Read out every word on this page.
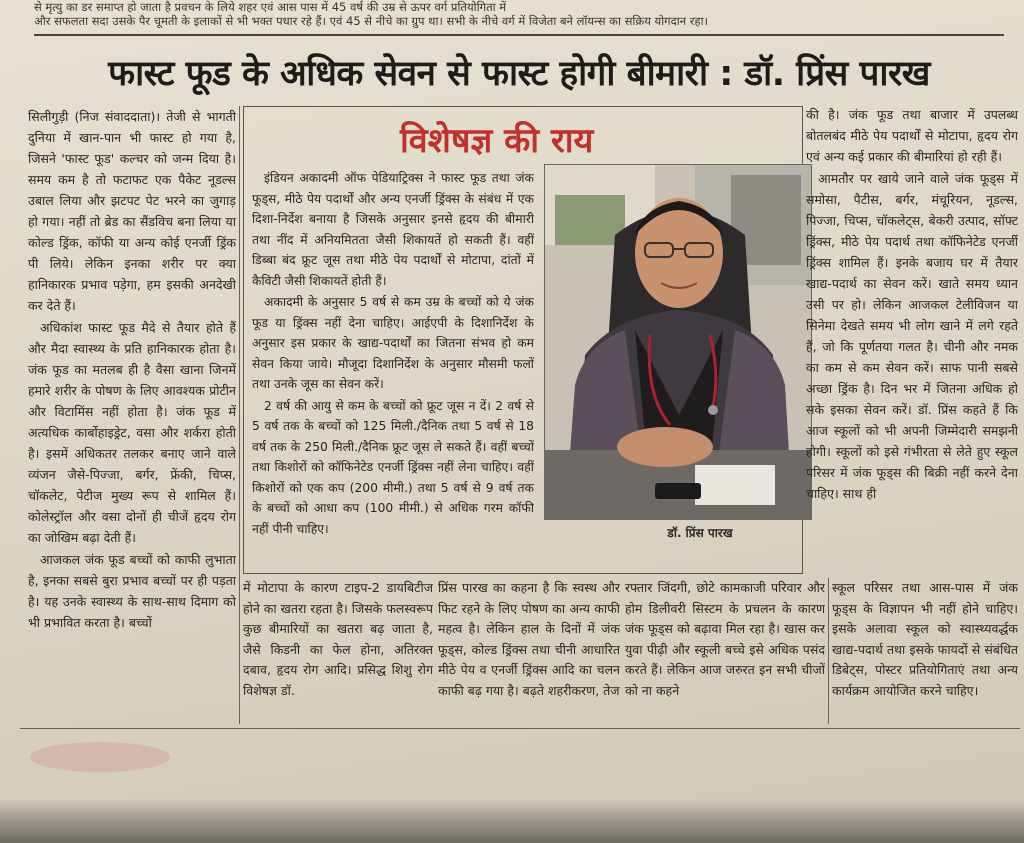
से मृत्यु का डर समाप्त हो जाता है प्रवचन के लिये शहर एवं आस पास में 45 वर्ष की उम्र से ऊपर वर्ग प्रतियोगिता में
और सफलता सदा उसके पैर चूमती के इलाकों से भी भक्त पधार रहे हैं। एवं 45 से नीचे का ग्रुप था। सभी के नीचे वर्ग में विजेता बने लॉयन्स का सक्रिय योगदान रहा।
फास्ट फूड के अधिक सेवन से फास्ट होगी बीमारी : डॉ. प्रिंस पारख

सिलीगुड़ी (निज संवाददाता)। तेजी से भागती दुनिया में खान-पान भी फास्ट हो गया है, जिसने 'फास्ट फूड' कल्चर को जन्म दिया है। समय कम है तो फटाफट एक पैकेट नूडल्स उबाल लिया और झटपट पेट भरने का जुगाड़ हो गया। नहीं तो ब्रेड का सैंडविच बना लिया या कोल्ड ड्रिंक, कॉफी या अन्य कोई एनर्जी ड्रिंक पी लिये। लेकिन इनका शरीर पर क्या हानिकारक प्रभाव पड़ेगा, हम इसकी अनदेखी कर देते हैं।

अधिकांश फास्ट फूड मैदे से तैयार होते हैं और मैदा स्वास्थ्य के प्रति हानिकारक होता है। जंक फूड का मतलब ही है वैसा खाना जिनमें हमारे शरीर के पोषण के लिए आवश्यक प्रोटीन और विटामिंस नहीं होता है। जंक फूड में अत्यधिक कार्बोहाइड्रेट, वसा और शर्करा होती है। इसमें अधिकतर तलकर बनाए जाने वाले व्यंजन जैसे-पिज्जा, बर्गर, फ्रेंकी, चिप्स, चॉकलेट, पेटीज मुख्य रूप से शामिल हैं। कोलेस्ट्रॉल और वसा दोनों ही चीजें हृदय रोग का जोखिम बढ़ा देती हैं।

आजकल जंक फूड बच्चों को काफी लुभाता है, इनका सबसे बुरा प्रभाव बच्चों पर ही पड़ता है। यह उनके स्वास्थ्य के साथ-साथ दिमाग को भी प्रभावित करता है। बच्चों

विशेषज्ञ की राय

इंडियन अकादमी ऑफ पेडियाट्रिक्स ने फास्ट फूड तथा जंक फूड्स, मीठे पेय पदार्थों और अन्य एनर्जी ड्रिंक्स के संबंध में एक दिशा-निर्देश बनाया है जिसके अनुसार इनसे हृदय की बीमारी तथा नींद में अनियमितता जैसी शिकायतें हो सकती हैं। वहीं डिब्बा बंद फ्रूट जूस तथा मीठे पेय पदार्थों से मोटापा, दांतों में कैविटी जैसी शिकायतें होती हैं।

अकादमी के अनुसार 5 वर्ष से कम उम्र के बच्चों को ये जंक फूड या ड्रिंक्स नहीं देना चाहिए। आईएपी के दिशानिर्देश के अनुसार इस प्रकार के खाद्य-पदार्थों का जितना संभव हो कम सेवन किया जाये। मौजूदा दिशानिर्देश के अनुसार मौसमी फलों तथा उनके जूस का सेवन करें।

2 वर्ष की आयु से कम के बच्चों को फ्रूट जूस न दें। 2 वर्ष से 5 वर्ष तक के बच्चों को 125 मिली./दैनिक तथा 5 वर्ष से 18 वर्ष तक के 250 मिली./दैनिक फ्रूट जूस ले सकते हैं। वहीं बच्चों तथा किशोरों को कॉफिनेटेड एनर्जी ड्रिंक्स नहीं लेना चाहिए। वहीं किशोरों को एक कप (200 मीमी.) तथा 5 वर्ष से 9 वर्ष तक के बच्चों को आधा कप (100 मीमी.) से अधिक गरम कॉफी नहीं पीनी चाहिए।	डॉ. प्रिंस पारख

की है। जंक फूड तथा बाजार में उपलब्ध बोतलबंद मीठे पेय पदार्थों से मोटापा, हृदय रोग एवं अन्य कई प्रकार की बीमारियां हो रही हैं।

आमतौर पर खाये जाने वाले जंक फूड्स में समोसा, पैटीस, बर्गर, मंचूरियन, नूडल्स, पिज्जा, चिप्स, चॉकलेट्स, बेकरी उत्पाद, सॉफ्ट ड्रिंक्स, मीठे पेय पदार्थ तथा कॉफिनेटेड एनर्जी ड्रिंक्स शामिल हैं। इनके बजाय घर में तैयार खाद्य-पदार्थ का सेवन करें। खाते समय ध्यान उसी पर हो। लेकिन आजकल टेलीविजन या सिनेमा देखते समय भी लोग खाने में लगे रहते हैं, जो कि पूर्णतया गलत है। चीनी और नमक का कम से कम सेवन करें। साफ पानी सबसे अच्छा ड्रिंक है। दिन भर में जितना अधिक हो सके इसका सेवन करें। डॉ. प्रिंस कहते हैं कि आज स्कूलों को भी अपनी जिम्मेदारी समझनी होगी। स्कूलों को इसे गंभीरता से लेते हुए स्कूल परिसर में जंक फूड्स की बिक्री नहीं करने देना चाहिए। साथ ही

में मोटापा के कारण टाइप-2 डायबिटीज होने का खतरा रहता है। जिसके फलस्वरूप कुछ बीमारियों का खतरा बढ़ जाता है, जैसे किडनी का फेल होना, अतिरक्त दबाव, हृदय रोग आदि। प्रसिद्ध शिशु रोग विशेषज्ञ डॉ.
प्रिंस पारख का कहना है कि स्वस्थ और फिट रहने के लिए पोषण का अन्य काफी महत्व है। लेकिन हाल के दिनों में जंक फूड्स, कोल्ड ड्रिंक्स तथा चीनी आधारित मीठे पेय व एनर्जी ड्रिंक्स आदि का चलन काफी बढ़ गया है। बढ़ते शहरीकरण, तेज
रफ्तार जिंदगी, छोटे कामकाजी परिवार और होम डिलीवरी सिस्टम के प्रचलन के कारण जंक फूड्स को बढ़ावा मिल रहा है। खास कर युवा पीढ़ी और स्कूली बच्चे इसे अधिक पसंद करते हैं। लेकिन आज जरुरत इन सभी चीजों को ना कहने
स्कूल परिसर तथा आस-पास में जंक फूड्स के विज्ञापन भी नहीं होने चाहिए। इसके अलावा स्कूल को स्वास्थ्यवर्द्धक खाद्य-पदार्थ तथा इसके फायदों से संबंधित डिबेट्स, पोस्टर प्रतियोगिताएं तथा अन्य कार्यक्रम आयोजित करने चाहिए।
